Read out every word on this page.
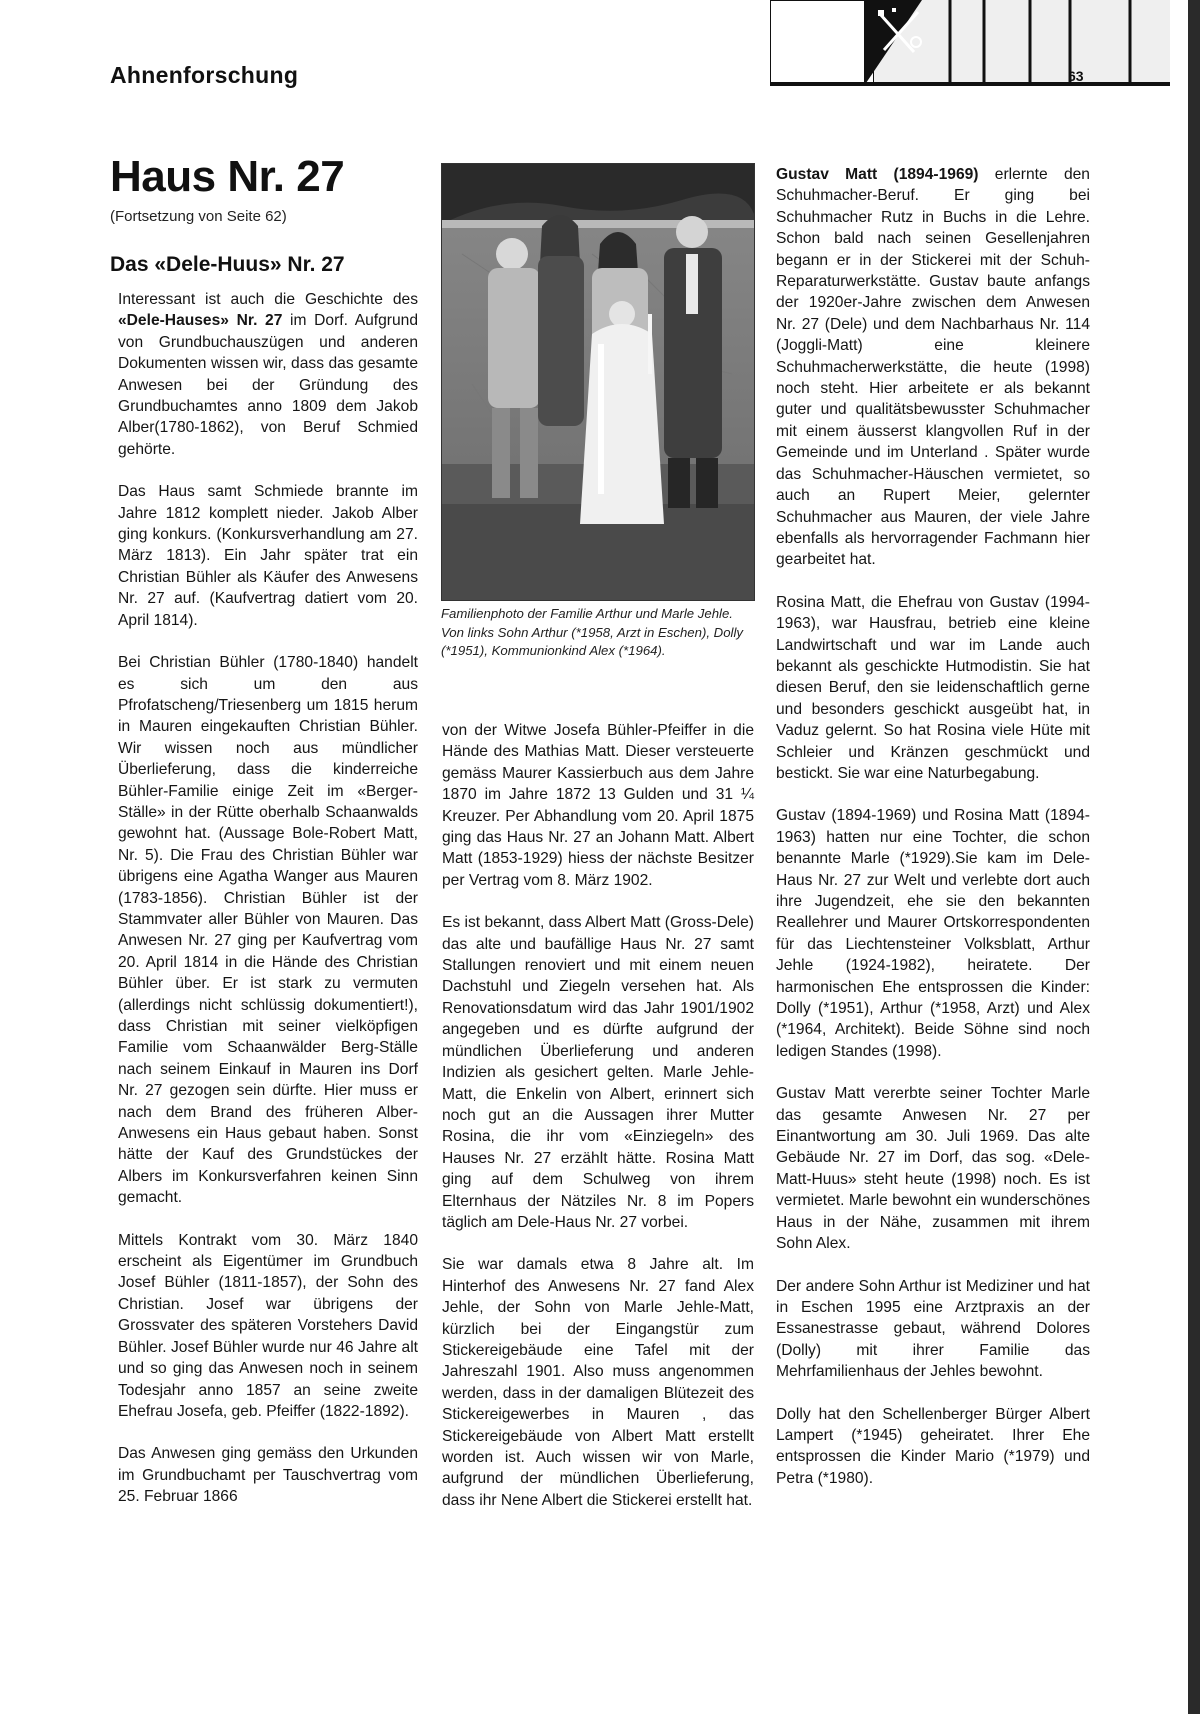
Ahnenforschung	63
Haus Nr. 27
(Fortsetzung von Seite 62)
Das «Dele-Huus» Nr. 27

Interessant ist auch die Geschichte des «Dele-Hauses» Nr. 27 im Dorf. Aufgrund von Grundbuchauszügen und anderen Dokumenten wissen wir, dass das gesamte Anwesen bei der Gründung des Grundbuchamtes anno 1809 dem Jakob Alber(1780-1862), von Beruf Schmied gehörte.

Das Haus samt Schmiede brannte im Jahre 1812 komplett nieder. Jakob Alber ging konkurs. (Konkursverhandlung am 27. März 1813). Ein Jahr später trat ein Christian Bühler als Käufer des Anwesens Nr. 27 auf. (Kaufvertrag datiert vom 20. April 1814).

Bei Christian Bühler (1780-1840) handelt es sich um den aus Pfrofatscheng/Triesenberg um 1815 herum in Mauren eingekauften Christian Bühler. Wir wissen noch aus mündlicher Überlieferung, dass die kinderreiche Bühler-Familie einige Zeit im «Berger-Ställe» in der Rütte oberhalb Schaanwalds gewohnt hat. (Aussage Bole-Robert Matt, Nr. 5). Die Frau des Christian Bühler war übrigens eine Agatha Wanger aus Mauren (1783-1856). Christian Bühler ist der Stammvater aller Bühler von Mauren. Das Anwesen Nr. 27 ging per Kaufvertrag vom 20. April 1814 in die Hände des Christian Bühler über. Er ist stark zu vermuten (allerdings nicht schlüssig dokumentiert!), dass Christian mit seiner vielköpfigen Familie vom Schaanwälder Berg-Ställe nach seinem Einkauf in Mauren ins Dorf Nr. 27 gezogen sein dürfte. Hier muss er nach dem Brand des früheren Alber-Anwesens ein Haus gebaut haben. Sonst hätte der Kauf des Grundstückes der Albers im Konkursverfahren keinen Sinn gemacht.

Mittels Kontrakt vom 30. März 1840 erscheint als Eigentümer im Grundbuch Josef Bühler (1811-1857), der Sohn des Christian. Josef war übrigens der Grossvater des späteren Vorstehers David Bühler. Josef Bühler wurde nur 46 Jahre alt und so ging das Anwesen noch in seinem Todesjahr anno 1857 an seine zweite Ehefrau Josefa, geb. Pfeiffer (1822-1892).

Das Anwesen ging gemäss den Urkunden im Grundbuchamt per Tauschvertrag vom 25. Februar 1866

Familienphoto der Familie Arthur und Marle Jehle. Von links Sohn Arthur (*1958, Arzt in Eschen), Dolly (*1951), Kommunionkind Alex (*1964).

von der Witwe Josefa Bühler-Pfeiffer in die Hände des Mathias Matt. Dieser versteuerte gemäss Maurer Kassierbuch aus dem Jahre 1870 im Jahre 1872 13 Gulden und 31 ¼ Kreuzer. Per Abhandlung vom 20. April 1875 ging das Haus Nr. 27 an Johann Matt. Albert Matt (1853-1929) hiess der nächste Besitzer per Vertrag vom 8. März 1902.

Es ist bekannt, dass Albert Matt (Gross-Dele) das alte und baufällige Haus Nr. 27 samt Stallungen renoviert und mit einem neuen Dachstuhl und Ziegeln versehen hat. Als Renovationsdatum wird das Jahr 1901/1902 angegeben und es dürfte aufgrund der mündlichen Überlieferung und anderen Indizien als gesichert gelten. Marle Jehle-Matt, die Enkelin von Albert, erinnert sich noch gut an die Aussagen ihrer Mutter Rosina, die ihr vom «Einziegeln» des Hauses Nr. 27 erzählt hätte. Rosina Matt ging auf dem Schulweg von ihrem Elternhaus der Nätziles Nr. 8 im Popers täglich am Dele-Haus Nr. 27 vorbei.

Sie war damals etwa 8 Jahre alt. Im Hinterhof des Anwesens Nr. 27 fand Alex Jehle, der Sohn von Marle Jehle-Matt, kürzlich bei der Eingangstür zum Stickereigebäude eine Tafel mit der Jahreszahl 1901. Also muss angenommen werden, dass in der damaligen Blütezeit des Stickereigewerbes in Mauren , das Stickereigebäude von Albert Matt erstellt worden ist. Auch wissen wir von Marle, aufgrund der mündlichen Überlieferung, dass ihr Nene Albert die Stickerei erstellt hat.

Gustav Matt (1894-1969) erlernte den Schuhmacher-Beruf. Er ging bei Schuhmacher Rutz in Buchs in die Lehre. Schon bald nach seinen Gesellenjahren begann er in der Stickerei mit der Schuh-Reparaturwerkstätte. Gustav baute anfangs der 1920er-Jahre zwischen dem Anwesen Nr. 27 (Dele) und dem Nachbarhaus Nr. 114 (Joggli-Matt) eine kleinere Schuhmacherwerkstätte, die heute (1998) noch steht. Hier arbeitete er als bekannt guter und qualitätsbewusster Schuhmacher mit einem äusserst klangvollen Ruf in der Gemeinde und im Unterland . Später wurde das Schuhmacher-Häuschen vermietet, so auch an Rupert Meier, gelernter Schuhmacher aus Mauren, der viele Jahre ebenfalls als hervorragender Fachmann hier gearbeitet hat.

Rosina Matt, die Ehefrau von Gustav (1994-1963), war Hausfrau, betrieb eine kleine Landwirtschaft und war im Lande auch bekannt als geschickte Hutmodistin. Sie hat diesen Beruf, den sie leidenschaftlich gerne und besonders geschickt ausgeübt hat, in Vaduz gelernt. So hat Rosina viele Hüte mit Schleier und Kränzen geschmückt und bestickt. Sie war eine Naturbegabung.

Gustav (1894-1969) und Rosina Matt (1894-1963) hatten nur eine Tochter, die schon benannte Marle (*1929).Sie kam im Dele-Haus Nr. 27 zur Welt und verlebte dort auch ihre Jugendzeit, ehe sie den bekannten Reallehrer und Maurer Ortskorrespondenten für das Liechtensteiner Volksblatt, Arthur Jehle (1924-1982), heiratete. Der harmonischen Ehe entsprossen die Kinder: Dolly (*1951), Arthur (*1958, Arzt) und Alex (*1964, Architekt). Beide Söhne sind noch ledigen Standes (1998).

Gustav Matt vererbte seiner Tochter Marle das gesamte Anwesen Nr. 27 per Einantwortung am 30. Juli 1969. Das alte Gebäude Nr. 27 im Dorf, das sog. «Dele-Matt-Huus» steht heute (1998) noch. Es ist vermietet. Marle bewohnt ein wunderschönes Haus in der Nähe, zusammen mit ihrem Sohn Alex.

Der andere Sohn Arthur ist Mediziner und hat in Eschen 1995 eine Arztpraxis an der Essanestrasse gebaut, während Dolores (Dolly) mit ihrer Familie das Mehrfamilienhaus der Jehles bewohnt.

Dolly hat den Schellenberger Bürger Albert Lampert (*1945) geheiratet. Ihrer Ehe entsprossen die Kinder Mario (*1979) und Petra (*1980).
